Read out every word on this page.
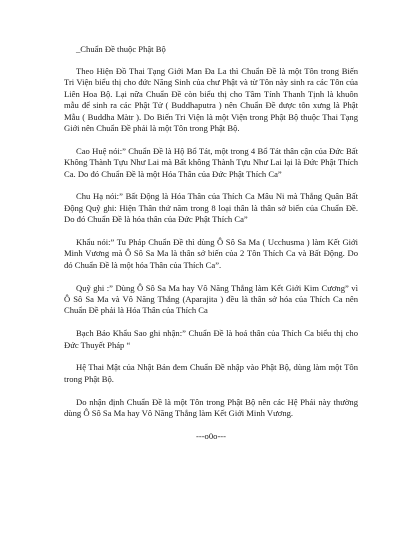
_Chuẩn Đề thuộc Phật Bộ

Theo Hiện Đồ Thai Tạng Giới Man Đa La thì Chuẩn Đề là một Tôn trong Biến Tri Viện biểu thị cho đức Năng Sinh của chư Phật và từ Tôn này sinh ra các Tôn của Liên Hoa Bộ. Lại nữa Chuẩn Đề còn biểu thị cho Tâm Tính Thanh Tịnh là khuôn mẫu để sinh ra các Phật Tử ( Buddhaputra ) nên Chuẩn Đề được tôn xưng là Phật Mẫu ( Buddha Màtr ). Do Biến Tri Viện là một Viện trong Phật Bộ thuộc Thai Tạng Giới nên Chuẩn Đề phải là một Tôn trong Phật Bộ.

Cao Huệ nói:” Chuẩn Đề là Hộ Bổ Tát, một trong 4 Bổ Tát thân cận của Đức Bất Không Thành Tựu Như Lai mà Bất không Thành Tựu Như Lai lại là Đức Phật Thích Ca. Do đó Chuẩn Đề là một Hóa Thân của Đức Phật Thích Ca”

Chu Hạ nói:” Bất Động là Hóa Thân của Thích Ca Mâu Ni mà Thắng Quân Bất Động Quỹ ghi: Hiện Thân thứ năm trong 8 loại thân là thân sở biến của Chuẩn Đề. Do đó Chuẩn Đề là hóa thân của Đức Phật Thích Ca”

Khẩu nói:” Tu Pháp Chuẩn Đề thì dùng Ô Sô Sa Ma ( Ucchusma ) làm Kết Giới Minh Vương mà Ô Sô Sa Ma là thân sở biến của 2 Tôn Thích Ca và Bất Động. Do đó Chuẩn Đề là một hóa Thân của Thích Ca”.

Quỹ ghi :” Dùng Ô Sô Sa Ma hay Vô Năng Thắng làm Kết Giới Kim Cương” vì Ô Sô Sa Ma và Vô Năng Thắng (Aparajita ) đều là thân sở hóa của Thích Ca nên Chuẩn Đề phải là Hóa Thân của Thích Ca

Bạch Bảo Khẩu Sao ghi nhận:” Chuẩn Đề là hoá thân của Thích Ca biểu thị cho Đức Thuyết Pháp “

Hệ Thai Mật của Nhật Bản đem Chuẩn Đề nhập vào Phật Bộ, dùng làm một Tôn trong Phật Bộ.

Do nhận định Chuẩn Đề là một Tôn trong Phật Bộ nên các Hệ Phái này thường dùng Ô Sô Sa Ma hay Vô Năng Thắng làm Kết Giới Minh Vương.

---o0o---
